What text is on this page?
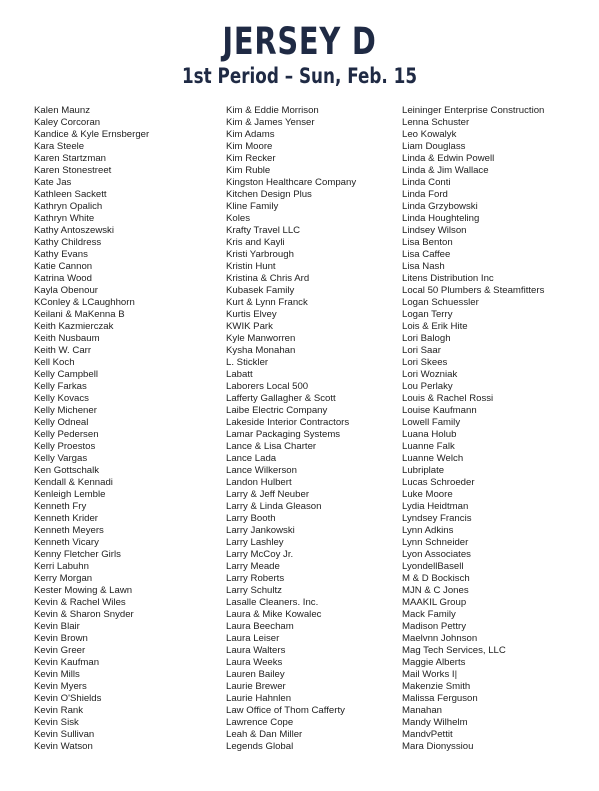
JERSEY D
1st Period – Sun, Feb. 15
Kalen Maunz
Kaley Corcoran
Kandice & Kyle Ernsberger
Kara Steele
Karen Startzman
Karen Stonestreet
Kate Jas
Kathleen Sackett
Kathryn Opalich
Kathryn White
Kathy Antoszewski
Kathy Childress
Kathy Evans
Katie Cannon
Katrina Wood
Kayla Obenour
KConley & LCaughhorn
Keilani & MaKenna B
Keith Kazmierczak
Keith Nusbaum
Keith W. Carr
Kell Koch
Kelly Campbell
Kelly Farkas
Kelly Kovacs
Kelly Michener
Kelly Odneal
Kelly Pedersen
Kelly Proestos
Kelly Vargas
Ken Gottschalk
Kendall & Kennadi
Kenleigh Lemble
Kenneth Fry
Kenneth Krider
Kenneth Meyers
Kenneth Vicary
Kenny Fletcher Girls
Kerri Labuhn
Kerry Morgan
Kester Mowing & Lawn
Kevin & Rachel Wiles
Kevin & Sharon Snyder
Kevin Blair
Kevin Brown
Kevin Greer
Kevin Kaufman
Kevin Mills
Kevin Myers
Kevin O'Shields
Kevin Rank
Kevin Sisk
Kevin Sullivan
Kevin Watson
Kim & Eddie Morrison
Kim & James Yenser
Kim Adams
Kim Moore
Kim Recker
Kim Ruble
Kingston Healthcare Company
Kitchen Design Plus
Kline Family
Koles
Krafty Travel LLC
Kris and Kayli
Kristi Yarbrough
Kristin Hunt
Kristina & Chris Ard
Kubasek Family
Kurt & Lynn Franck
Kurtis Elvey
KWIK Park
Kyle Manworren
Kysha Monahan
L. Stickler
Labatt
Laborers Local 500
Lafferty Gallagher & Scott
Laibe Electric Company
Lakeside Interior Contractors
Lamar Packaging Systems
Lance & Lisa Charter
Lance Lada
Lance Wilkerson
Landon Hulbert
Larry & Jeff Neuber
Larry & Linda Gleason
Larry Booth
Larry Jankowski
Larry Lashley
Larry McCoy Jr.
Larry Meade
Larry Roberts
Larry Schultz
Lasalle Cleaners. Inc.
Laura & Mike Kowalec
Laura Beecham
Laura Leiser
Laura Walters
Laura Weeks
Lauren Bailey
Laurie Brewer
Laurie Hahnlen
Law Office of Thom Cafferty
Lawrence Cope
Leah & Dan Miller
Legends Global
Leininger Enterprise Construction
Lenna Schuster
Leo Kowalyk
Liam Douglass
Linda & Edwin Powell
Linda & Jim Wallace
Linda Conti
Linda Ford
Linda Grzybowski
Linda Houghteling
Lindsey Wilson
Lisa Benton
Lisa Caffee
Lisa Nash
Litens Distribution Inc
Local 50 Plumbers & Steamfitters
Logan Schuessler
Logan Terry
Lois & Erik Hite
Lori Balogh
Lori Saar
Lori Skees
Lori Wozniak
Lou Perlaky
Louis & Rachel Rossi
Louise Kaufmann
Lowell Family
Luana Holub
Luanne Falk
Luanne Welch
Lubriplate
Lucas Schroeder
Luke Moore
Lydia Heidtman
Lyndsey Francis
Lynn Adkins
Lynn Schneider
Lyon Associates
LyondellBasell
M & D Bockisch
MJN & C Jones
MAAKIL Group
Mack Family
Madison Pettry
Maelvnn Johnson
Mag Tech Services, LLC
Maggie Alberts
Mail Works I|
Makenzie Smith
Malissa Ferguson
Manahan
Mandy Wilhelm
MandvPettit
Mara Dionyssiou
